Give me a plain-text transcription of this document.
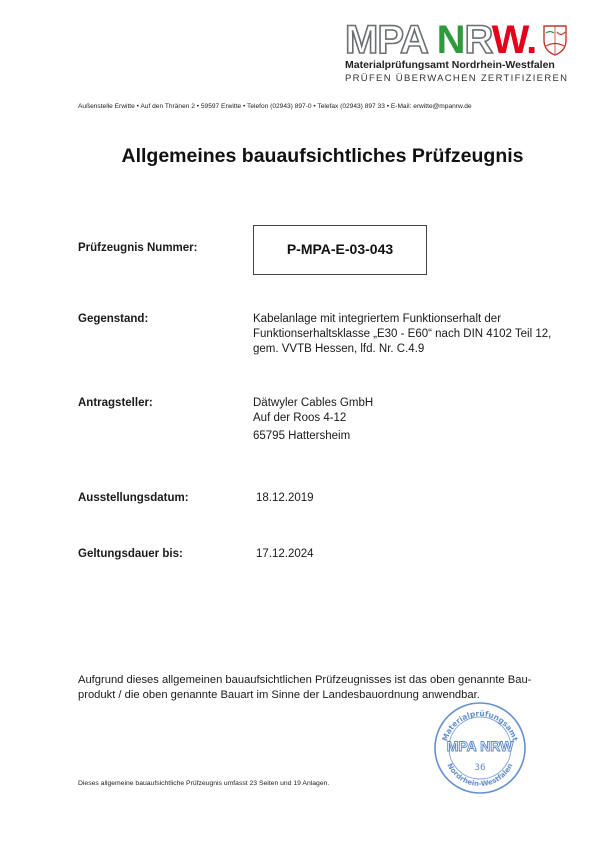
MPA NRW.
Materialprüfungsamt Nordrhein-Westfalen
PRÜFEN ÜBERWACHEN ZERTIFIZIEREN
Außenstelle Erwitte • Auf den Thränen 2 • 59597 Erwitte • Telefon (02943) 897-0 • Telefax (02943) 897 33 • E-Mail: erwitte@mpanrw.de
Allgemeines bauaufsichtliches Prüfzeugnis
Prüfzeugnis Nummer:	P-MPA-E-03-043
Gegenstand:	Kabelanlage mit integriertem Funktionserhalt der
Funktionserhaltsklasse „E30 - E60“ nach DIN 4102 Teil 12,
gem. VVTB Hessen, lfd. Nr. C.4.9
Antragsteller:	Dätwyler Cables GmbH
Auf der Roos 4-12
65795 Hattersheim
Ausstellungsdatum:	18.12.2019
Geltungsdauer bis:	17.12.2024
Aufgrund dieses allgemeinen bauaufsichtlichen Prüfzeugnisses ist das oben genannte Bau-
produkt / die oben genannte Bauart im Sinne der Landesbauordnung anwendbar.
Dieses allgemeine bauaufsichtliche Prüfzeugnis umfasst 23 Seiten und 19 Anlagen.
Materialprüfungsamt
MPA NRW
36
Nordrhein-Westfalen
